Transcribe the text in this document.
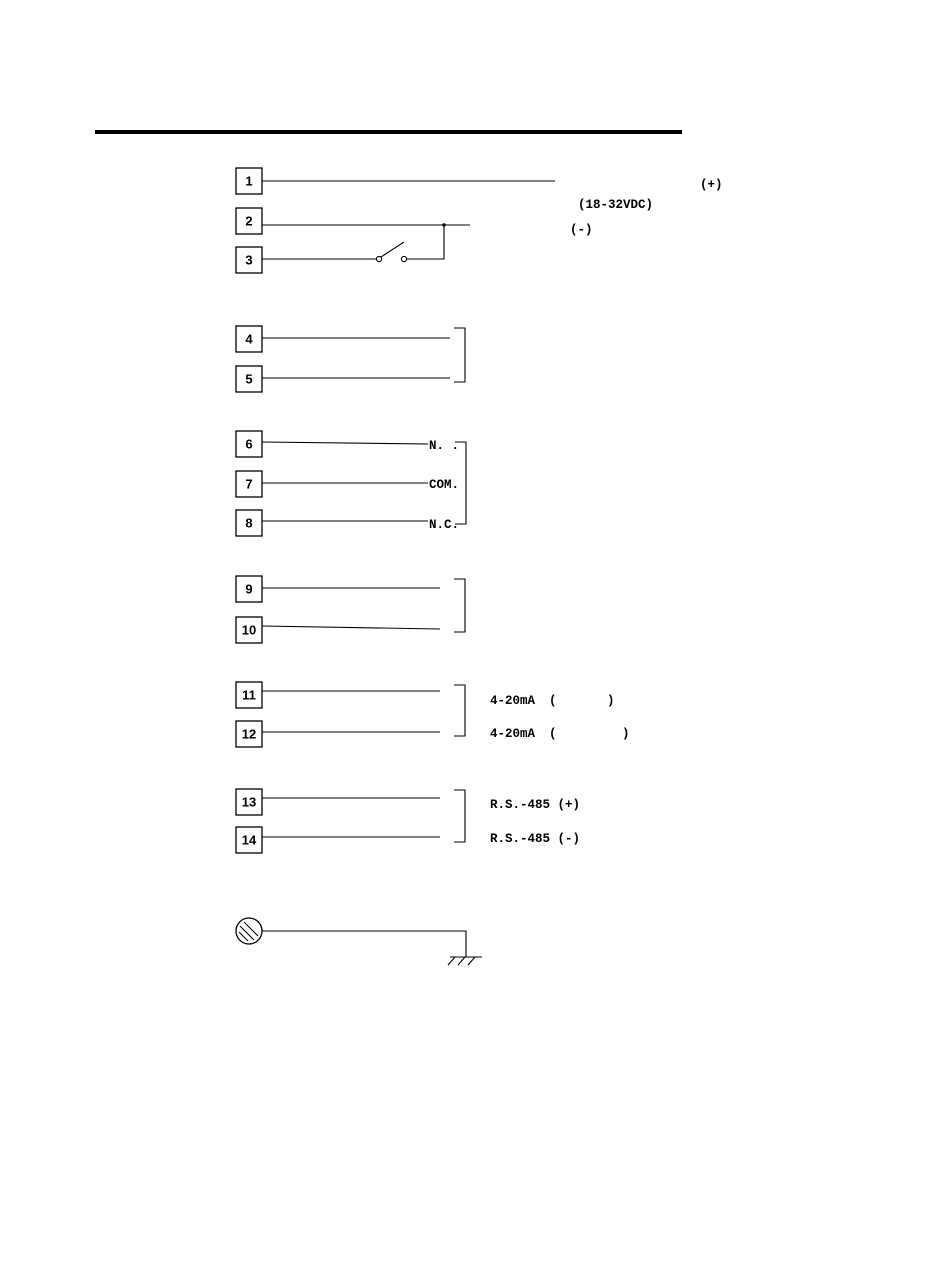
1	(+)
(18-32VDC)
2
(-)
3
4
5
6	N. .
7	COM.
8	N.C.
9
10
11	4-20mA (	)
12	4-20mA (	)
13	R.S.-485 (+)
14	R.S.-485 (-)
